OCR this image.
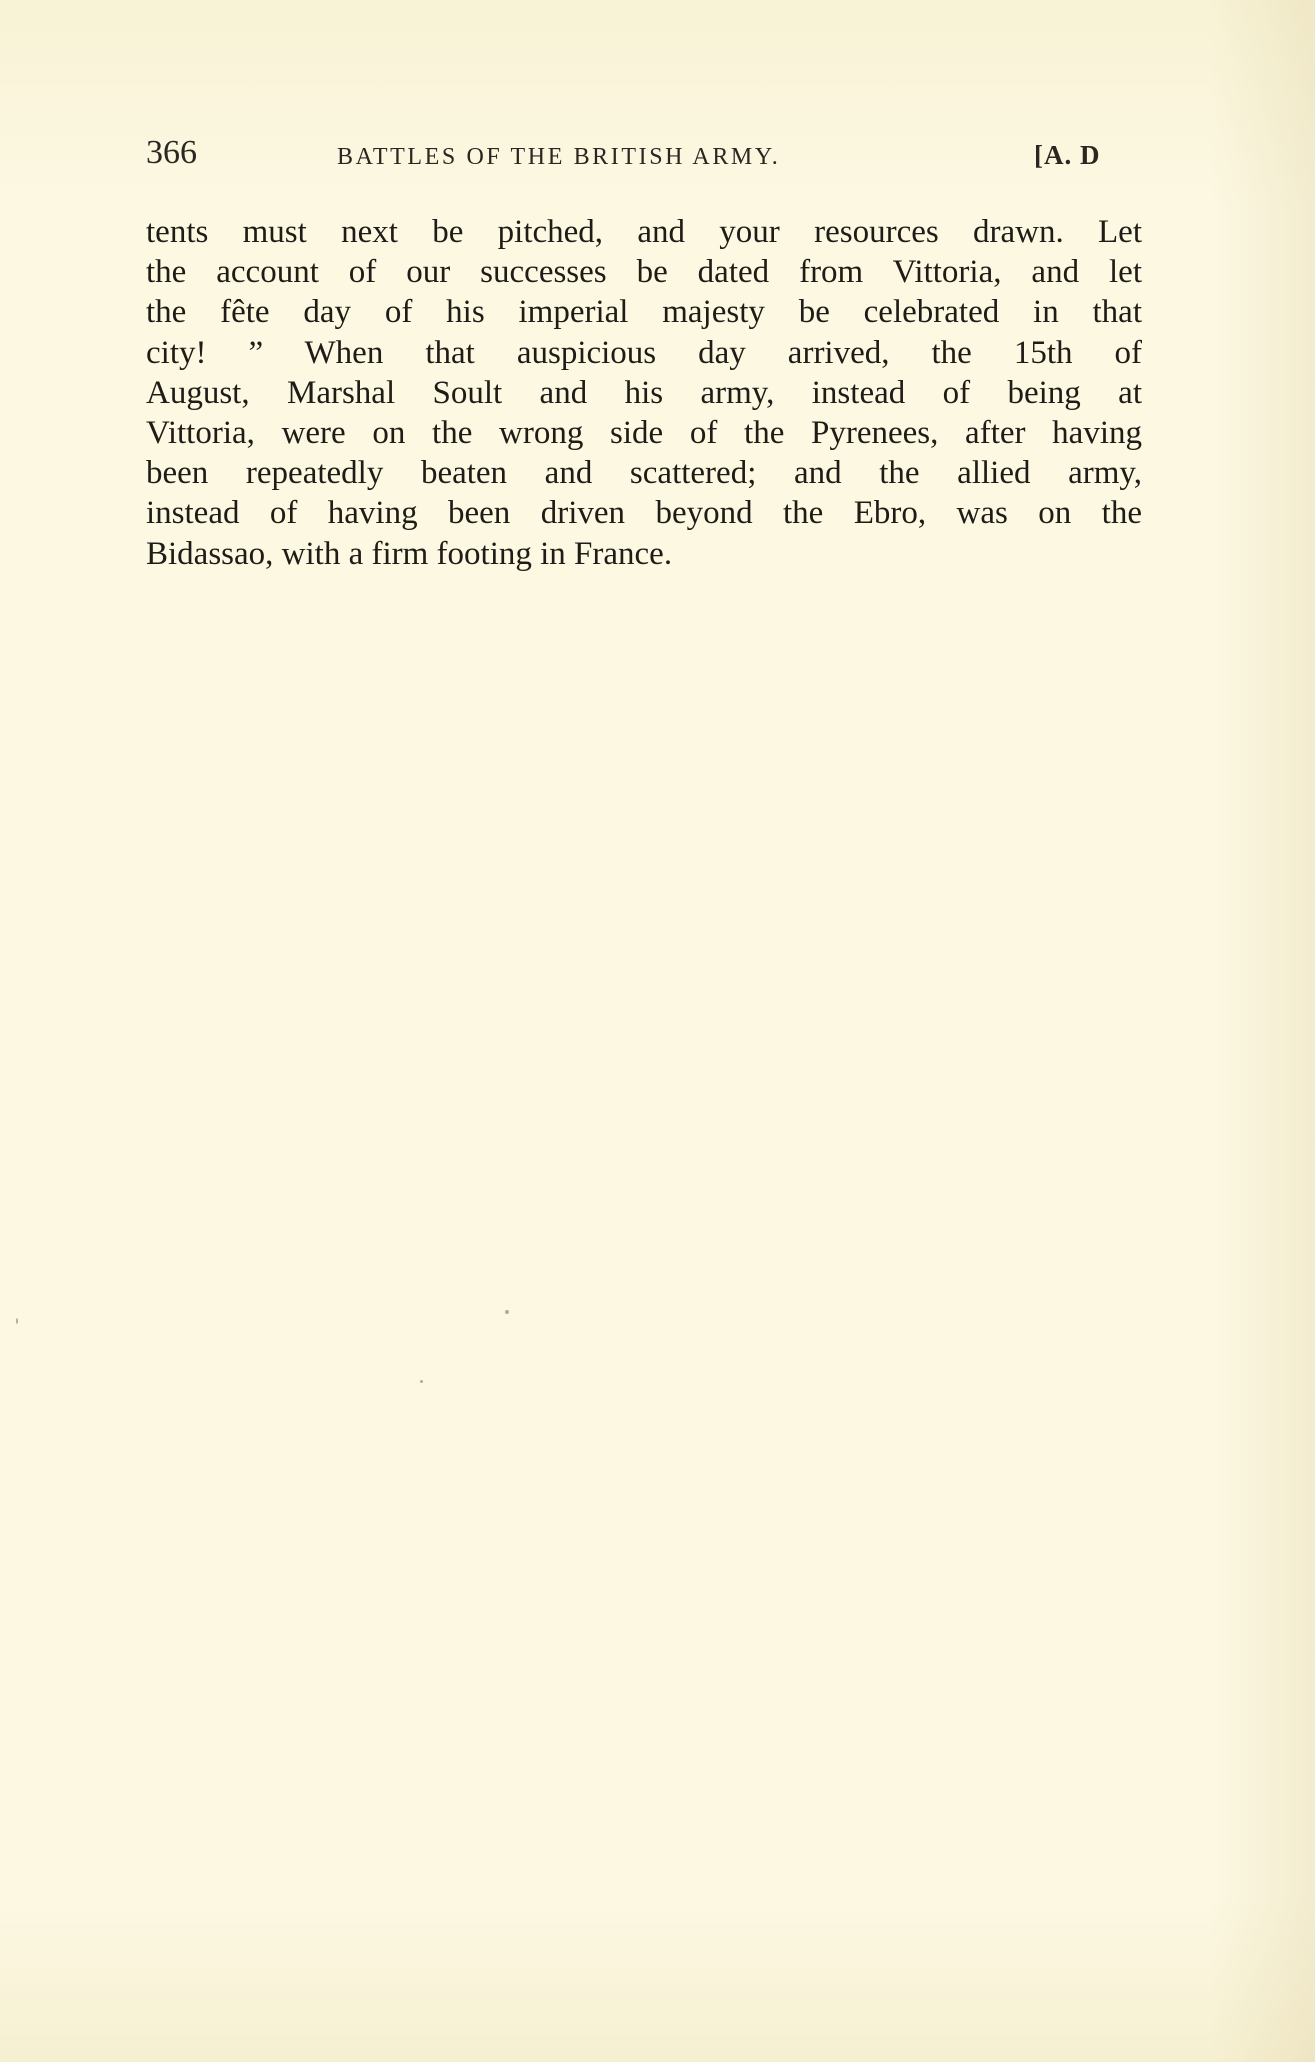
366	BATTLES OF THE BRITISH ARMY.	[A. D
tents must next be pitched, and your resources drawn. Let
the account of our successes be dated from Vittoria, and let
the fête day of his imperial majesty be celebrated in that
city! ” When that auspicious day arrived, the 15th of
August, Marshal Soult and his army, instead of being at
Vittoria, were on the wrong side of the Pyrenees, after having
been repeatedly beaten and scattered; and the allied army,
instead of having been driven beyond the Ebro, was on the
Bidassao, with a firm footing in France.
